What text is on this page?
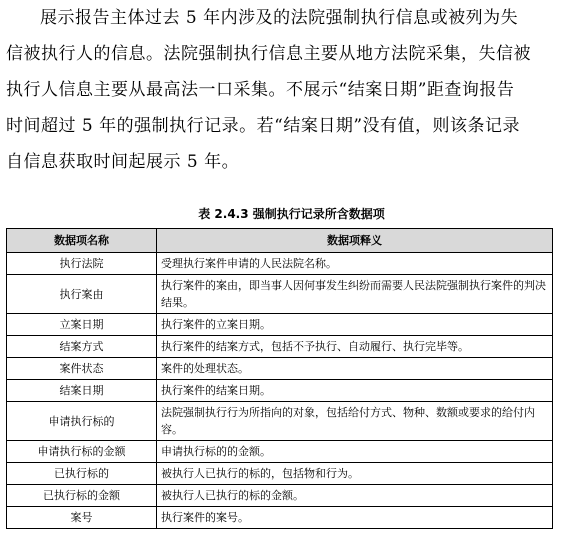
展示报告主体过去 5 年内涉及的法院强制执行信息或被列为失
信被执行人的信息。法院强制执行信息主要从地方法院采集，失信被
执行人信息主要从最高法一口采集。不展示“结案日期”距查询报告
时间超过 5 年的强制执行记录。若“结案日期”没有值，则该条记录
自信息获取时间起展示 5 年。
表 2.4.3 强制执行记录所含数据项
数据项名称	数据项释义
执行法院	受理执行案件申请的人民法院名称。
执行案由	执行案件的案由，即当事人因何事发生纠纷而需要人民法院强制执行案件的判决结果。
立案日期	执行案件的立案日期。
结案方式	执行案件的结案方式，包括不予执行、自动履行、执行完毕等。
案件状态	案件的处理状态。
结案日期	执行案件的结案日期。
申请执行标的	法院强制执行行为所指向的对象，包括给付方式、物种、数额或要求的给付内容。
申请执行标的金额	申请执行标的的金额。
已执行标的	被执行人已执行的标的，包括物和行为。
已执行标的金额	被执行人已执行的标的金额。
案号	执行案件的案号。
